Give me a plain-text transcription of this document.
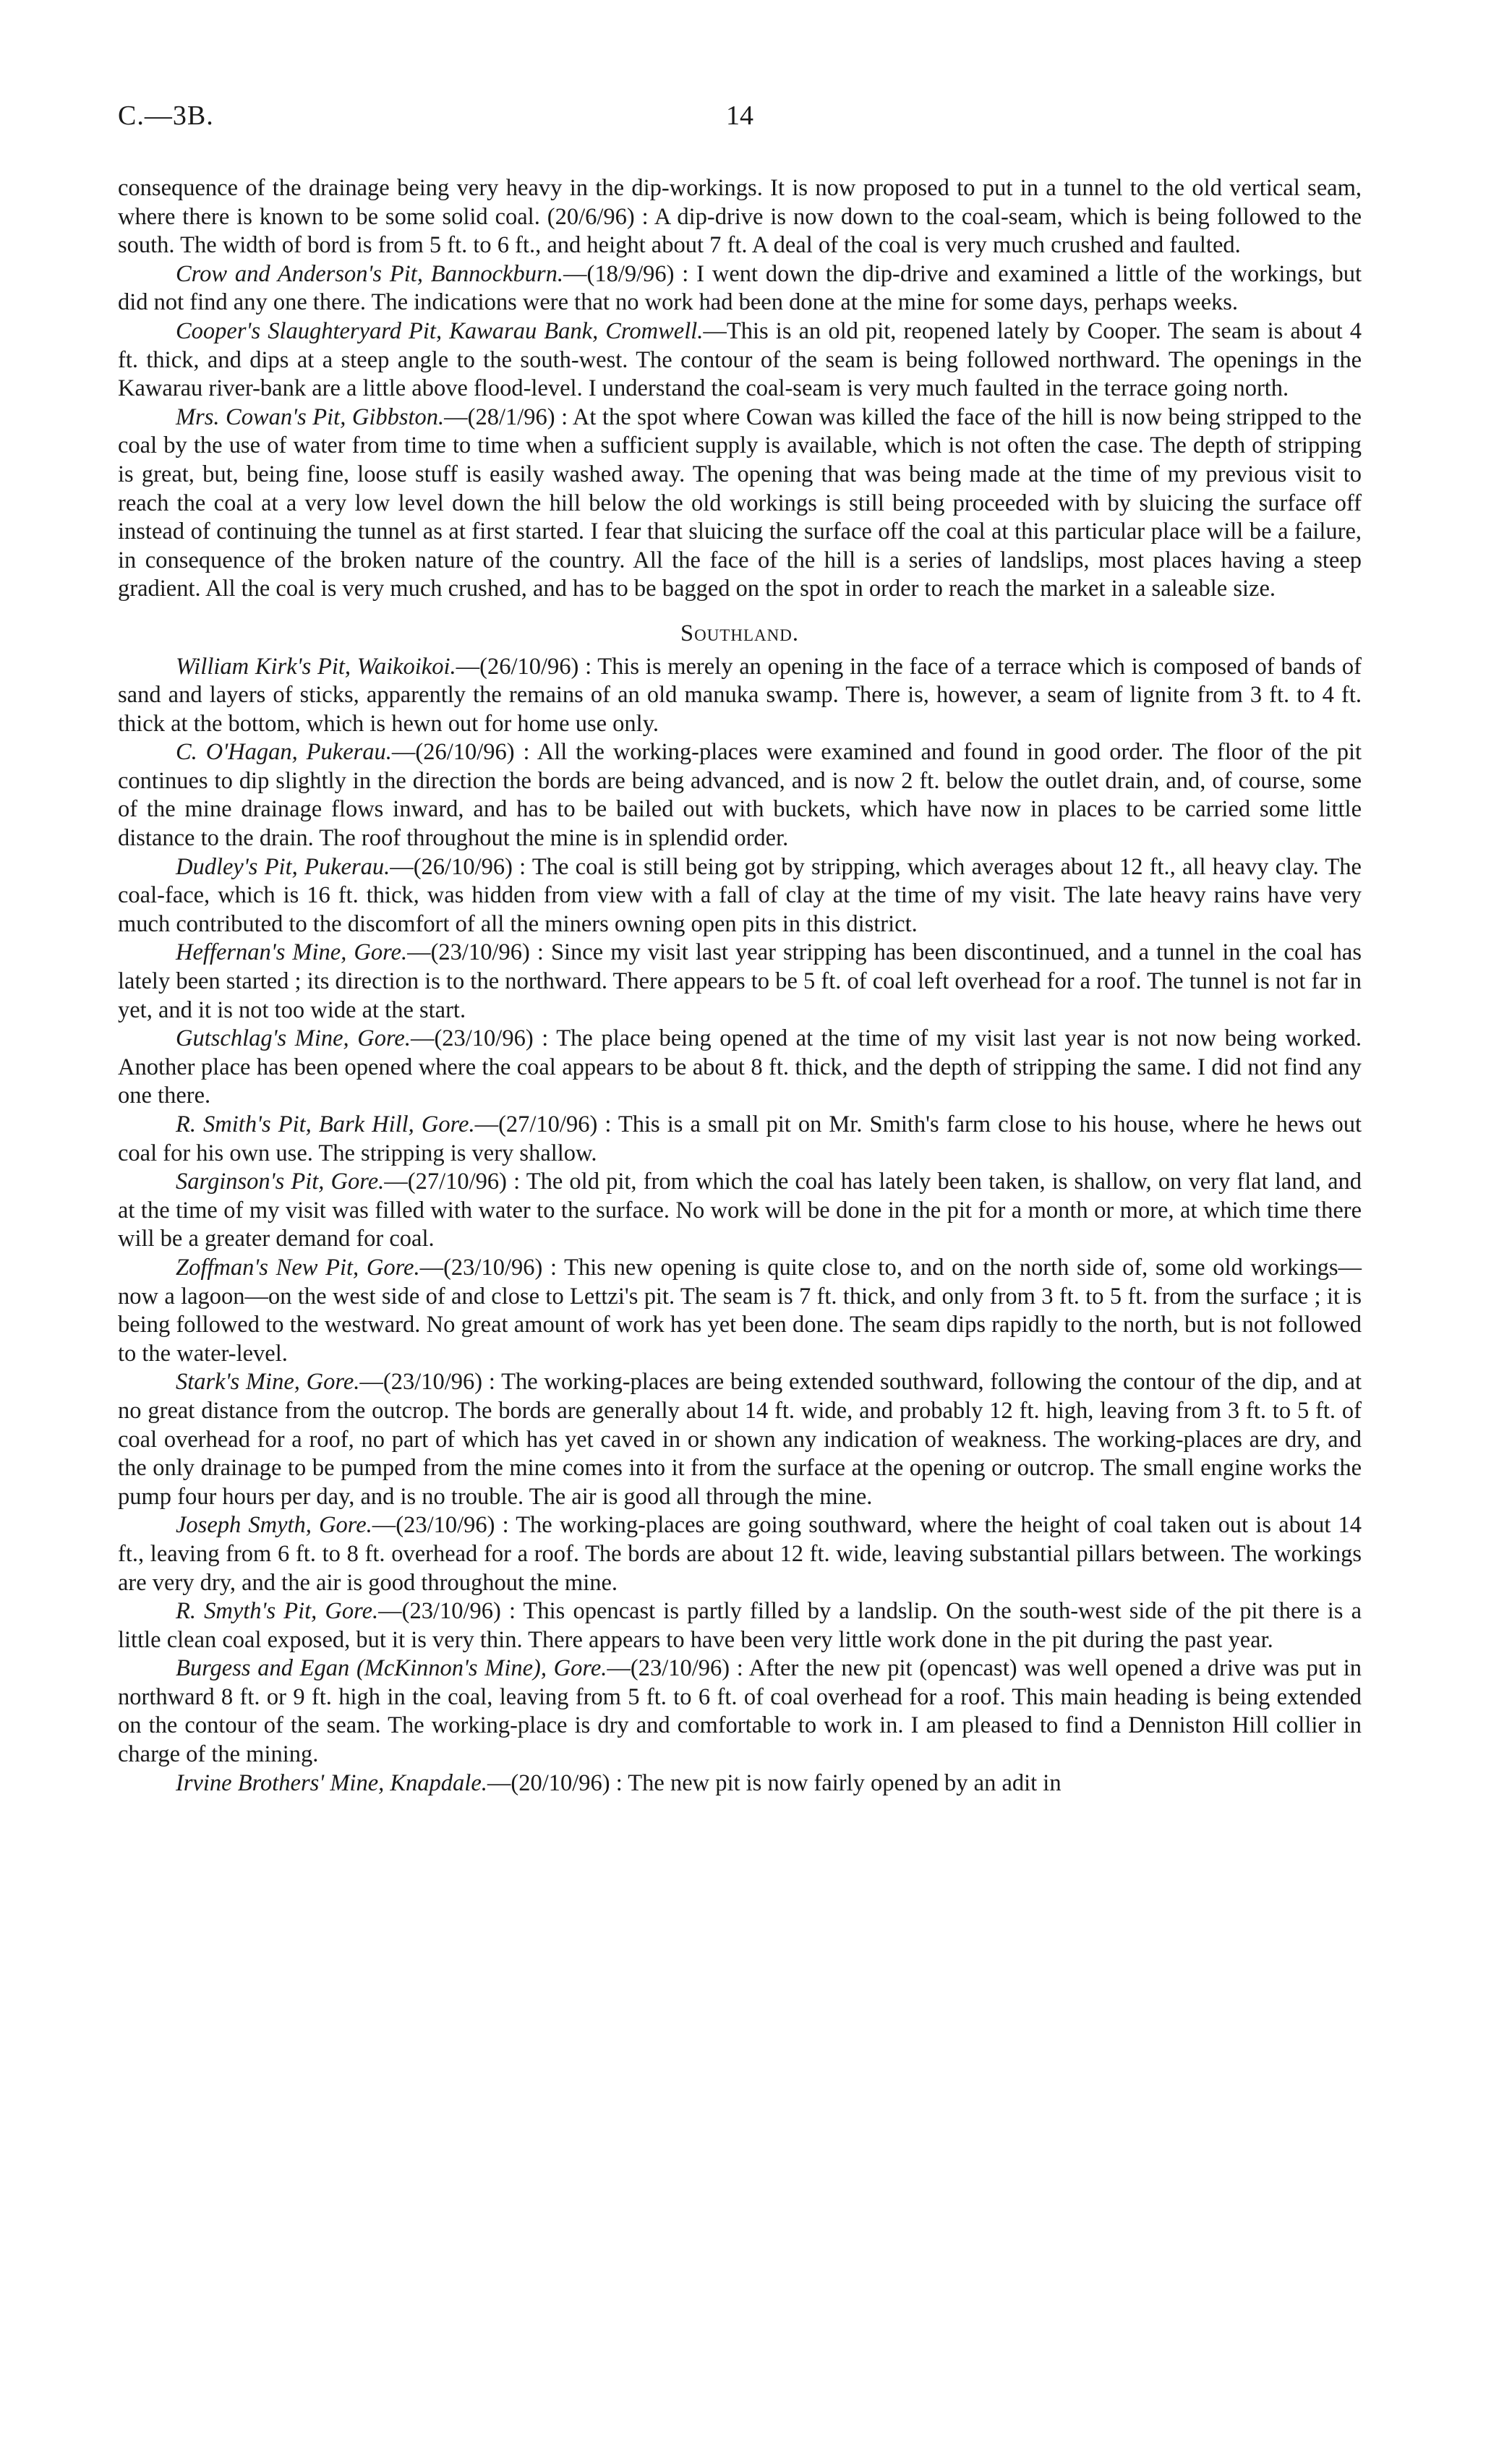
C.—3B.	14

consequence of the drainage being very heavy in the dip-workings. It is now proposed to put in a tunnel to the old vertical seam, where there is known to be some solid coal. (20/6/96) : A dip-drive is now down to the coal-seam, which is being followed to the south. The width of bord is from 5 ft. to 6 ft., and height about 7 ft. A deal of the coal is very much crushed and faulted.

Crow and Anderson's Pit, Bannockburn.—(18/9/96) : I went down the dip-drive and examined a little of the workings, but did not find any one there. The indications were that no work had been done at the mine for some days, perhaps weeks.

Cooper's Slaughteryard Pit, Kawarau Bank, Cromwell.—This is an old pit, reopened lately by Cooper. The seam is about 4 ft. thick, and dips at a steep angle to the south-west. The contour of the seam is being followed northward. The openings in the Kawarau river-bank are a little above flood-level. I understand the coal-seam is very much faulted in the terrace going north.

Mrs. Cowan's Pit, Gibbston.—(28/1/96) : At the spot where Cowan was killed the face of the hill is now being stripped to the coal by the use of water from time to time when a sufficient supply is available, which is not often the case. The depth of stripping is great, but, being fine, loose stuff is easily washed away. The opening that was being made at the time of my previous visit to reach the coal at a very low level down the hill below the old workings is still being proceeded with by sluicing the surface off instead of continuing the tunnel as at first started. I fear that sluicing the surface off the coal at this particular place will be a failure, in consequence of the broken nature of the country. All the face of the hill is a series of landslips, most places having a steep gradient. All the coal is very much crushed, and has to be bagged on the spot in order to reach the market in a saleable size.

Southland.

William Kirk's Pit, Waikoikoi.—(26/10/96) : This is merely an opening in the face of a terrace which is composed of bands of sand and layers of sticks, apparently the remains of an old manuka swamp. There is, however, a seam of lignite from 3 ft. to 4 ft. thick at the bottom, which is hewn out for home use only.

C. O'Hagan, Pukerau.—(26/10/96) : All the working-places were examined and found in good order. The floor of the pit continues to dip slightly in the direction the bords are being advanced, and is now 2 ft. below the outlet drain, and, of course, some of the mine drainage flows inward, and has to be bailed out with buckets, which have now in places to be carried some little distance to the drain. The roof throughout the mine is in splendid order.

Dudley's Pit, Pukerau.—(26/10/96) : The coal is still being got by stripping, which averages about 12 ft., all heavy clay. The coal-face, which is 16 ft. thick, was hidden from view with a fall of clay at the time of my visit. The late heavy rains have very much contributed to the discomfort of all the miners owning open pits in this district.

Heffernan's Mine, Gore.—(23/10/96) : Since my visit last year stripping has been discontinued, and a tunnel in the coal has lately been started ; its direction is to the northward. There appears to be 5 ft. of coal left overhead for a roof. The tunnel is not far in yet, and it is not too wide at the start.

Gutschlag's Mine, Gore.—(23/10/96) : The place being opened at the time of my visit last year is not now being worked. Another place has been opened where the coal appears to be about 8 ft. thick, and the depth of stripping the same. I did not find any one there.

R. Smith's Pit, Bark Hill, Gore.—(27/10/96) : This is a small pit on Mr. Smith's farm close to his house, where he hews out coal for his own use. The stripping is very shallow.

Sarginson's Pit, Gore.—(27/10/96) : The old pit, from which the coal has lately been taken, is shallow, on very flat land, and at the time of my visit was filled with water to the surface. No work will be done in the pit for a month or more, at which time there will be a greater demand for coal.

Zoffman's New Pit, Gore.—(23/10/96) : This new opening is quite close to, and on the north side of, some old workings—now a lagoon—on the west side of and close to Lettzi's pit. The seam is 7 ft. thick, and only from 3 ft. to 5 ft. from the surface ; it is being followed to the westward. No great amount of work has yet been done. The seam dips rapidly to the north, but is not followed to the water-level.

Stark's Mine, Gore.—(23/10/96) : The working-places are being extended southward, following the contour of the dip, and at no great distance from the outcrop. The bords are generally about 14 ft. wide, and probably 12 ft. high, leaving from 3 ft. to 5 ft. of coal overhead for a roof, no part of which has yet caved in or shown any indication of weakness. The working-places are dry, and the only drainage to be pumped from the mine comes into it from the surface at the opening or outcrop. The small engine works the pump four hours per day, and is no trouble. The air is good all through the mine.

Joseph Smyth, Gore.—(23/10/96) : The working-places are going southward, where the height of coal taken out is about 14 ft., leaving from 6 ft. to 8 ft. overhead for a roof. The bords are about 12 ft. wide, leaving substantial pillars between. The workings are very dry, and the air is good throughout the mine.

R. Smyth's Pit, Gore.—(23/10/96) : This opencast is partly filled by a landslip. On the south-west side of the pit there is a little clean coal exposed, but it is very thin. There appears to have been very little work done in the pit during the past year.

Burgess and Egan (McKinnon's Mine), Gore.—(23/10/96) : After the new pit (opencast) was well opened a drive was put in northward 8 ft. or 9 ft. high in the coal, leaving from 5 ft. to 6 ft. of coal overhead for a roof. This main heading is being extended on the contour of the seam. The working-place is dry and comfortable to work in. I am pleased to find a Denniston Hill collier in charge of the mining.

Irvine Brothers' Mine, Knapdale.—(20/10/96) : The new pit is now fairly opened by an adit in
